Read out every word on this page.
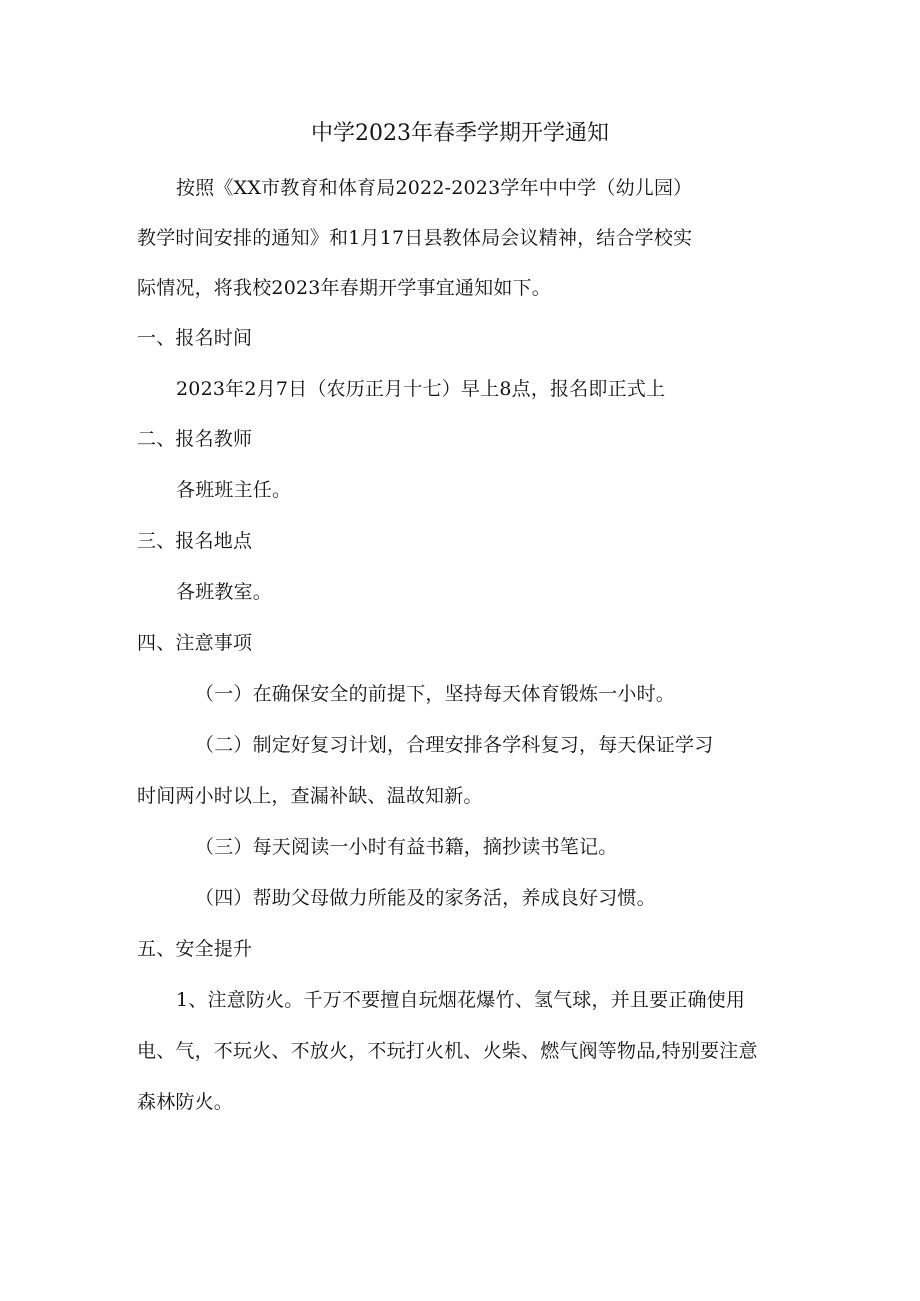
中学2023年春季学期开学通知
按照《XX市教育和体育局2022-2023学年中中学（幼儿园）
教学时间安排的通知》和1月17日县教体局会议精神，结合学校实
际情况，将我校2023年春期开学事宜通知如下。
一、报名时间
2023年2月7日（农历正月十七）早上8点，报名即正式上
二、报名教师
各班班主任。
三、报名地点
各班教室。
四、注意事项
（一）在确保安全的前提下，坚持每天体育锻炼一小时。
（二）制定好复习计划，合理安排各学科复习，每天保证学习
时间两小时以上，查漏补缺、温故知新。
（三）每天阅读一小时有益书籍，摘抄读书笔记。
（四）帮助父母做力所能及的家务活，养成良好习惯。
五、安全提升
1、注意防火。千万不要擅自玩烟花爆竹、氢气球，并且要正确使用
电、气，不玩火、不放火，不玩打火机、火柴、燃气阀等物品,特别要注意
森林防火。
